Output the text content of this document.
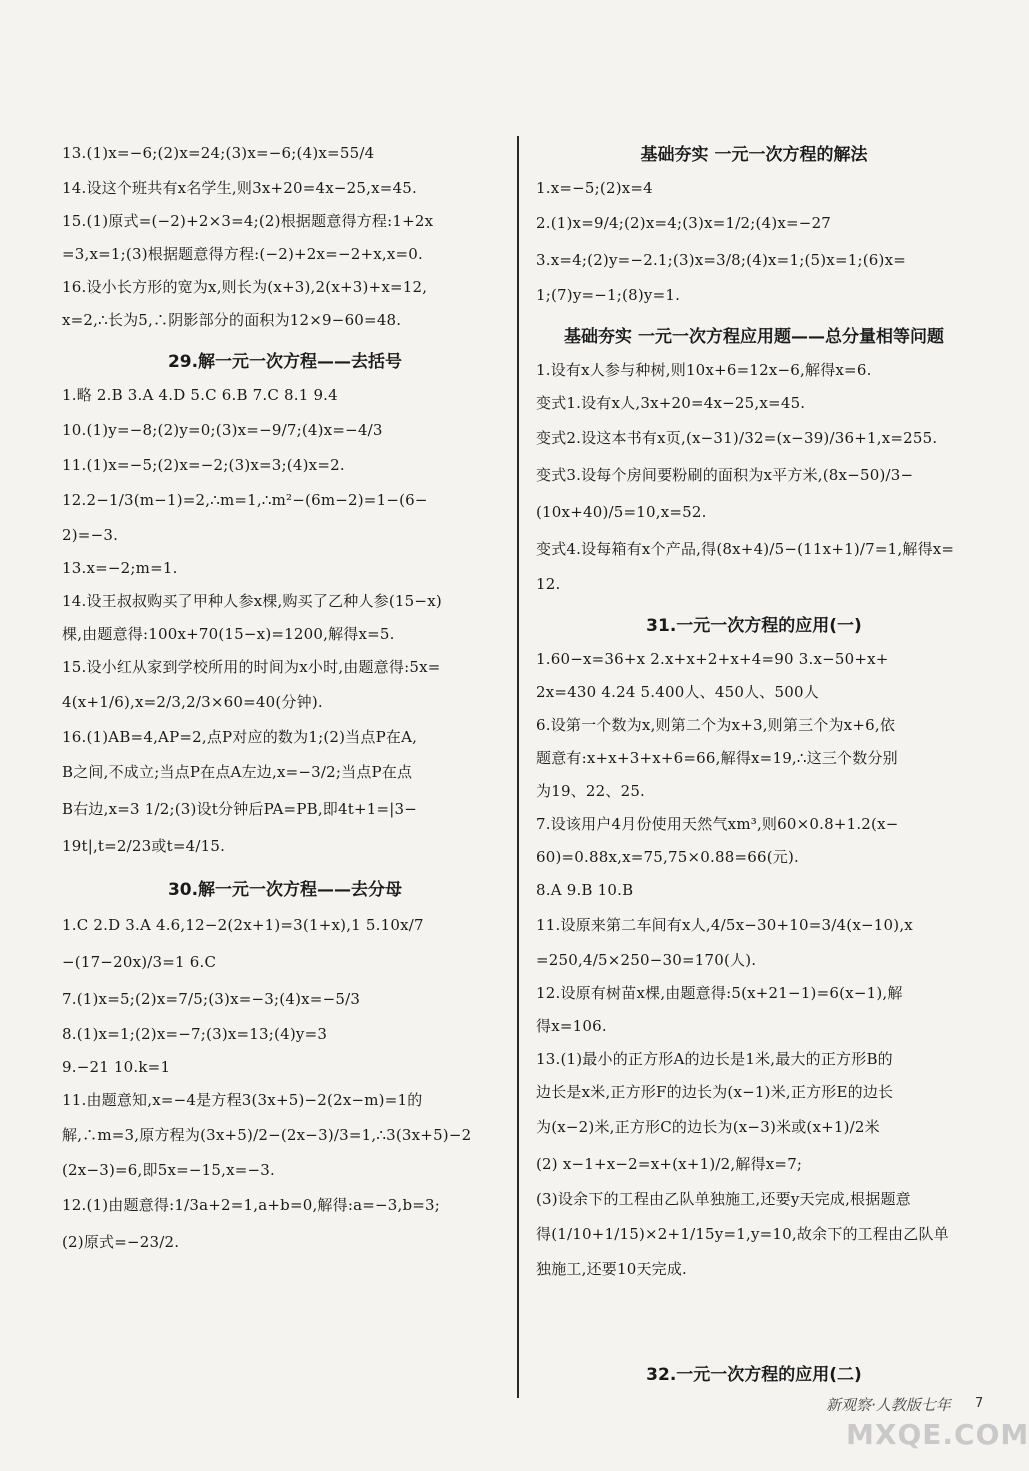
13.(1)x=−6;(2)x=24;(3)x=−6;(4)x=55/4
14.设这个班共有x名学生,则3x+20=4x−25,x=45.
15.(1)原式=(−2)+2×3=4;(2)根据题意得方程:1+2x
=3,x=1;(3)根据题意得方程:(−2)+2x=−2+x,x=0.
16.设小长方形的宽为x,则长为(x+3),2(x+3)+x=12,
x=2,∴长为5,∴阴影部分的面积为12×9−60=48.
29.解一元一次方程——去括号
1.略 2.B 3.A 4.D 5.C 6.B 7.C 8.1 9.4
10.(1)y=−8;(2)y=0;(3)x=−9/7;(4)x=−4/3
11.(1)x=−5;(2)x=−2;(3)x=3;(4)x=2.
12.2−1/3(m−1)=2,∴m=1,∴m²−(6m−2)=1−(6−
2)=−3.
13.x=−2;m=1.
14.设王叔叔购买了甲种人参x棵,购买了乙种人参(15−x)
棵,由题意得:100x+70(15−x)=1200,解得x=5.
15.设小红从家到学校所用的时间为x小时,由题意得:5x=
4(x+1/6),x=2/3,2/3×60=40(分钟).
16.(1)AB=4,AP=2,点P对应的数为1;(2)当点P在A,
B之间,不成立;当点P在点A左边,x=−3/2;当点P在点
B右边,x=3 1/2;(3)设t分钟后PA=PB,即4t+1=|3−
19t|,t=2/23或t=4/15.
30.解一元一次方程——去分母
1.C 2.D 3.A 4.6,12−2(2x+1)=3(1+x),1 5.10x/7
−(17−20x)/3=1 6.C
7.(1)x=5;(2)x=7/5;(3)x=−3;(4)x=−5/3
8.(1)x=1;(2)x=−7;(3)x=13;(4)y=3
9.−21 10.k=1
11.由题意知,x=−4是方程3(3x+5)−2(2x−m)=1的
解,∴m=3,原方程为(3x+5)/2−(2x−3)/3=1,∴3(3x+5)−2
(2x−3)=6,即5x=−15,x=−3.
12.(1)由题意得:1/3a+2=1,a+b=0,解得:a=−3,b=3;
(2)原式=−23/2.
基础夯实 一元一次方程的解法
1.x=−5;(2)x=4
2.(1)x=9/4;(2)x=4;(3)x=1/2;(4)x=−27
3.x=4;(2)y=−2.1;(3)x=3/8;(4)x=1;(5)x=1;(6)x=
1;(7)y=−1;(8)y=1.
基础夯实 一元一次方程应用题——总分量相等问题
1.设有x人参与种树,则10x+6=12x−6,解得x=6.
变式1.设有x人,3x+20=4x−25,x=45.
变式2.设这本书有x页,(x−31)/32=(x−39)/36+1,x=255.
变式3.设每个房间要粉刷的面积为x平方米,(8x−50)/3−
(10x+40)/5=10,x=52.
变式4.设每箱有x个产品,得(8x+4)/5−(11x+1)/7=1,解得x=
12.
31.一元一次方程的应用(一)
1.60−x=36+x 2.x+x+2+x+4=90 3.x−50+x+
2x=430 4.24 5.400人、450人、500人
6.设第一个数为x,则第二个为x+3,则第三个为x+6,依
题意有:x+x+3+x+6=66,解得x=19,∴这三个数分别
为19、22、25.
7.设该用户4月份使用天然气xm³,则60×0.8+1.2(x−
60)=0.88x,x=75,75×0.88=66(元).
8.A 9.B 10.B
11.设原来第二车间有x人,4/5x−30+10=3/4(x−10),x
=250,4/5×250−30=170(人).
12.设原有树苗x棵,由题意得:5(x+21−1)=6(x−1),解
得x=106.
13.(1)最小的正方形A的边长是1米,最大的正方形B的
边长是x米,正方形F的边长为(x−1)米,正方形E的边长
为(x−2)米,正方形C的边长为(x−3)米或(x+1)/2米
(2) x−1+x−2=x+(x+1)/2,解得x=7;
(3)设余下的工程由乙队单独施工,还要y天完成,根据题意
得(1/10+1/15)×2+1/15y=1,y=10,故余下的工程由乙队单
独施工,还要10天完成.
32.一元一次方程的应用(二)
新观察·人教版七年 7
MXQE.COM
